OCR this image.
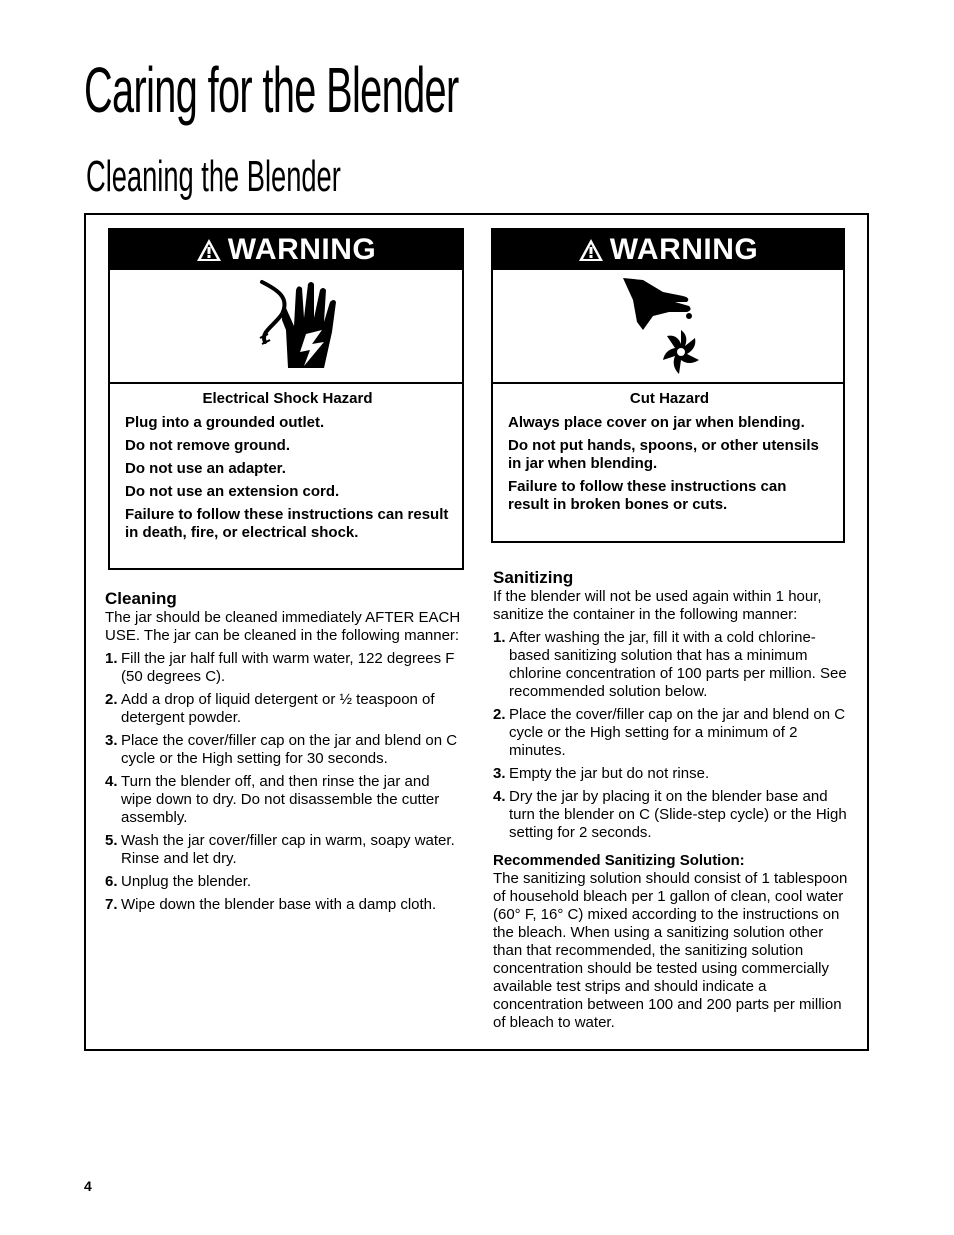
Caring for the Blender
Cleaning the Blender
WARNING

Electrical Shock Hazard

Plug into a grounded outlet.

Do not remove ground.

Do not use an adapter.

Do not use an extension cord.

Failure to follow these instructions can result in death, fire, or electrical shock.

WARNING

Cut Hazard

Always place cover on jar when blending.

Do not put hands, spoons, or other utensils in jar when blending.

Failure to follow these instructions can result in broken bones or cuts.

Cleaning

The jar should be cleaned immediately AFTER EACH USE. The jar can be cleaned in the following manner:

1. Fill the jar half full with warm water, 122 degrees F (50 degrees C).
2. Add a drop of liquid detergent or ½ teaspoon of detergent powder.
3. Place the cover/filler cap on the jar and blend on C cycle or the High setting for 30 seconds.
4. Turn the blender off, and then rinse the jar and wipe down to dry. Do not disassemble the cutter assembly.
5. Wash the jar cover/filler cap in warm, soapy water. Rinse and let dry.
6. Unplug the blender.
7. Wipe down the blender base with a damp cloth.
Sanitizing

If the blender will not be used again within 1 hour, sanitize the container in the following manner:

1. After washing the jar, fill it with a cold chlorine-based sanitizing solution that has a minimum chlorine concentration of 100 parts per million. See recommended solution below.
2. Place the cover/filler cap on the jar and blend on C cycle or the High setting for a minimum of 2 minutes.
3. Empty the jar but do not rinse.
4. Dry the jar by placing it on the blender base and turn the blender on C (Slide-step cycle) or the High setting for 2 seconds.

Recommended Sanitizing Solution:

The sanitizing solution should consist of 1 tablespoon of household bleach per 1 gallon of clean, cool water (60° F, 16° C) mixed according to the instructions on the bleach. When using a sanitizing solution other than that recommended, the sanitizing solution concentration should be tested using commercially available test strips and should indicate a concentration between 100 and 200 parts per million of bleach to water.

4
